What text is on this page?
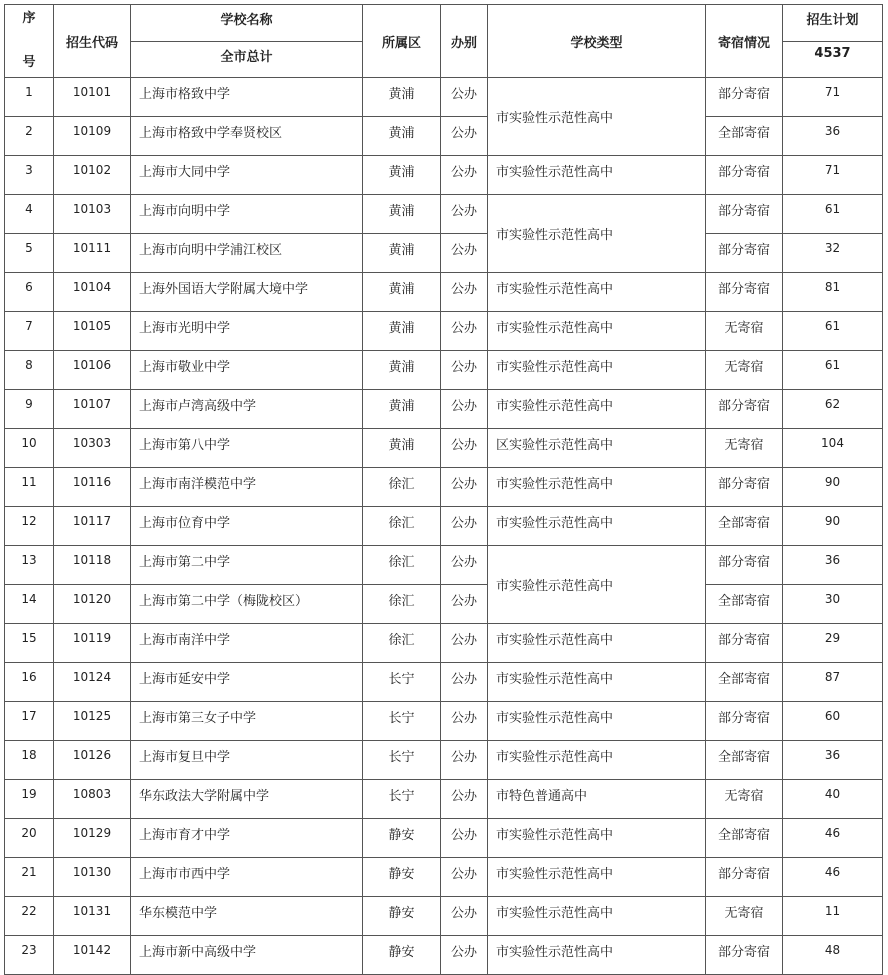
序

号	招生代码	学校名称	所属区	办别	学校类型	寄宿情况	招生计划
		全市总计					4537
1	10101	上海市格致中学	黄浦	公办	市实验性示范性高中	部分寄宿	71
2	10109	上海市格致中学奉贤校区	黄浦	公办		全部寄宿	36
3	10102	上海市大同中学	黄浦	公办	市实验性示范性高中	部分寄宿	71
4	10103	上海市向明中学	黄浦	公办	市实验性示范性高中	部分寄宿	61
5	10111	上海市向明中学浦江校区	黄浦	公办		部分寄宿	32
6	10104	上海外国语大学附属大境中学	黄浦	公办	市实验性示范性高中	部分寄宿	81
7	10105	上海市光明中学	黄浦	公办	市实验性示范性高中	无寄宿	61
8	10106	上海市敬业中学	黄浦	公办	市实验性示范性高中	无寄宿	61
9	10107	上海市卢湾高级中学	黄浦	公办	市实验性示范性高中	部分寄宿	62
10	10303	上海市第八中学	黄浦	公办	区实验性示范性高中	无寄宿	104
11	10116	上海市南洋模范中学	徐汇	公办	市实验性示范性高中	部分寄宿	90
12	10117	上海市位育中学	徐汇	公办	市实验性示范性高中	全部寄宿	90
13	10118	上海市第二中学	徐汇	公办	市实验性示范性高中	部分寄宿	36
14	10120	上海市第二中学（梅陇校区）	徐汇	公办		全部寄宿	30
15	10119	上海市南洋中学	徐汇	公办	市实验性示范性高中	部分寄宿	29
16	10124	上海市延安中学	长宁	公办	市实验性示范性高中	全部寄宿	87
17	10125	上海市第三女子中学	长宁	公办	市实验性示范性高中	部分寄宿	60
18	10126	上海市复旦中学	长宁	公办	市实验性示范性高中	全部寄宿	36
19	10803	华东政法大学附属中学	长宁	公办	市特色普通高中	无寄宿	40
20	10129	上海市育才中学	静安	公办	市实验性示范性高中	全部寄宿	46
21	10130	上海市市西中学	静安	公办	市实验性示范性高中	部分寄宿	46
22	10131	华东模范中学	静安	公办	市实验性示范性高中	无寄宿	11
23	10142	上海市新中高级中学	静安	公办	市实验性示范性高中	部分寄宿	48
